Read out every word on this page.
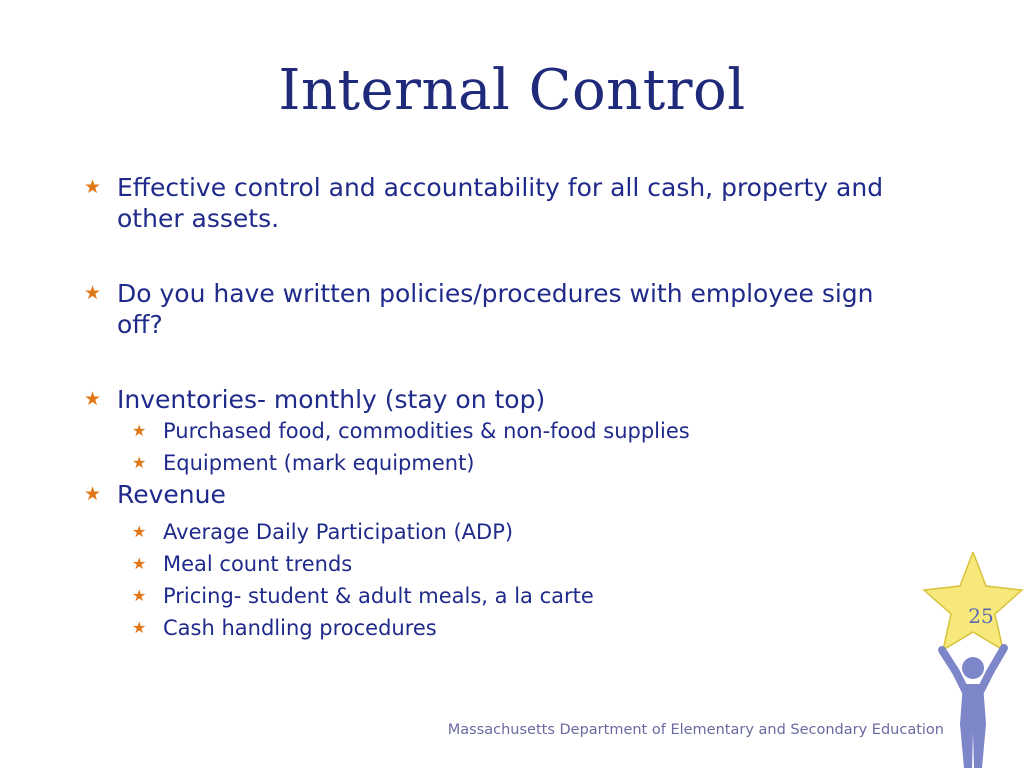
Internal Control
★ Effective control and accountability for all cash, property and other assets.
★ Do you have written policies/procedures with employee sign off?
★ Inventories- monthly (stay on top)
★ Purchased food, commodities & non-food supplies
★ Equipment (mark equipment)
★ Revenue
★ Average Daily Participation (ADP)
★ Meal count trends
★ Pricing- student & adult meals, a la carte
★ Cash handling procedures
Massachusetts Department of Elementary and Secondary Education
25
